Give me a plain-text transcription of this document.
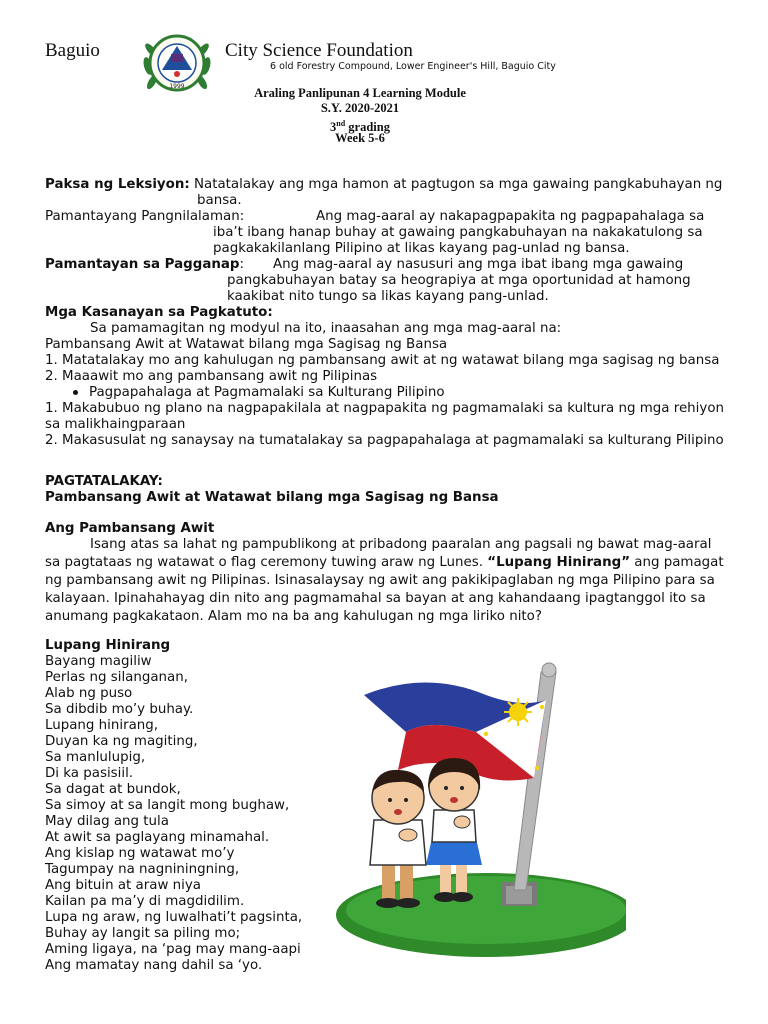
Baguio
1999
City Science Foundation
6 old Forestry Compound, Lower Engineer's Hill, Baguio City
Araling Panlipunan 4 Learning Module
S.Y. 2020-2021
3nd grading
Week 5-6
Paksa ng Leksiyon: Natatalakay ang mga hamon at pagtugon sa mga gawaing pangkabuhayan ng
bansa.
Pamantayang Pangnilalaman:	Ang mag-aaral ay nakapagpapakita ng pagpapahalaga sa
iba’t ibang hanap buhay at gawaing pangkabuhayan na nakakatulong sa
pagkakakilanlang Pilipino at likas kayang pag-unlad ng bansa.
Pamantayan sa Pagganap: Ang mag-aaral ay nasusuri ang mga ibat ibang mga gawaing
pangkabuhayan batay sa heograpiya at mga oportunidad at hamong
kaakibat nito tungo sa likas kayang pang-unlad.
Mga Kasanayan sa Pagkatuto:
Sa pamamagitan ng modyul na ito, inaasahan ang mga mag-aaral na:
Pambansang Awit at Watawat bilang mga Sagisag ng Bansa
1. Matatalakay mo ang kahulugan ng pambansang awit at ng watawat bilang mga sagisag ng bansa
2. Maaawit mo ang pambansang awit ng Pilipinas
Pagpapahalaga at Pagmamalaki sa Kulturang Pilipino
1. Makabubuo ng plano na nagpapakilala at nagpapakita ng pagmamalaki sa kultura ng mga rehiyon
sa malikhaingparaan
2. Makasusulat ng sanaysay na tumatalakay sa pagpapahalaga at pagmamalaki sa kulturang Pilipino
PAGTATALAKAY:
Pambansang Awit at Watawat bilang mga Sagisag ng Bansa
Ang Pambansang Awit
Isang atas sa lahat ng pampublikong at pribadong paaralan ang pagsali ng bawat mag-aaral
sa pagtataas ng watawat o flag ceremony tuwing araw ng Lunes. “Lupang Hinirang” ang pamagat
ng pambansang awit ng Pilipinas. Isinasalaysay ng awit ang pakikipaglaban ng mga Pilipino para sa
kalayaan. Ipinahahayag din nito ang pagmamahal sa bayan at ang kahandaang ipagtanggol ito sa
anumang pagkakataon. Alam mo na ba ang kahulugan ng mga liriko nito?
Lupang Hinirang
Bayang magiliw
Perlas ng silanganan,
Alab ng puso
Sa dibdib mo’y buhay.
Lupang hinirang,
Duyan ka ng magiting,
Sa manlulupig,
Di ka pasisiil.
Sa dagat at bundok,
Sa simoy at sa langit mong bughaw,
May dilag ang tula
At awit sa paglayang minamahal.
Ang kislap ng watawat mo’y
Tagumpay na nagniningning,
Ang bituin at araw niya
Kailan pa ma’y di magdidilim.
Lupa ng araw, ng luwalhati’t pagsinta,
Buhay ay langit sa piling mo;
Aming ligaya, na ‘pag may mang-aapi
Ang mamatay nang dahil sa ‘yo.
